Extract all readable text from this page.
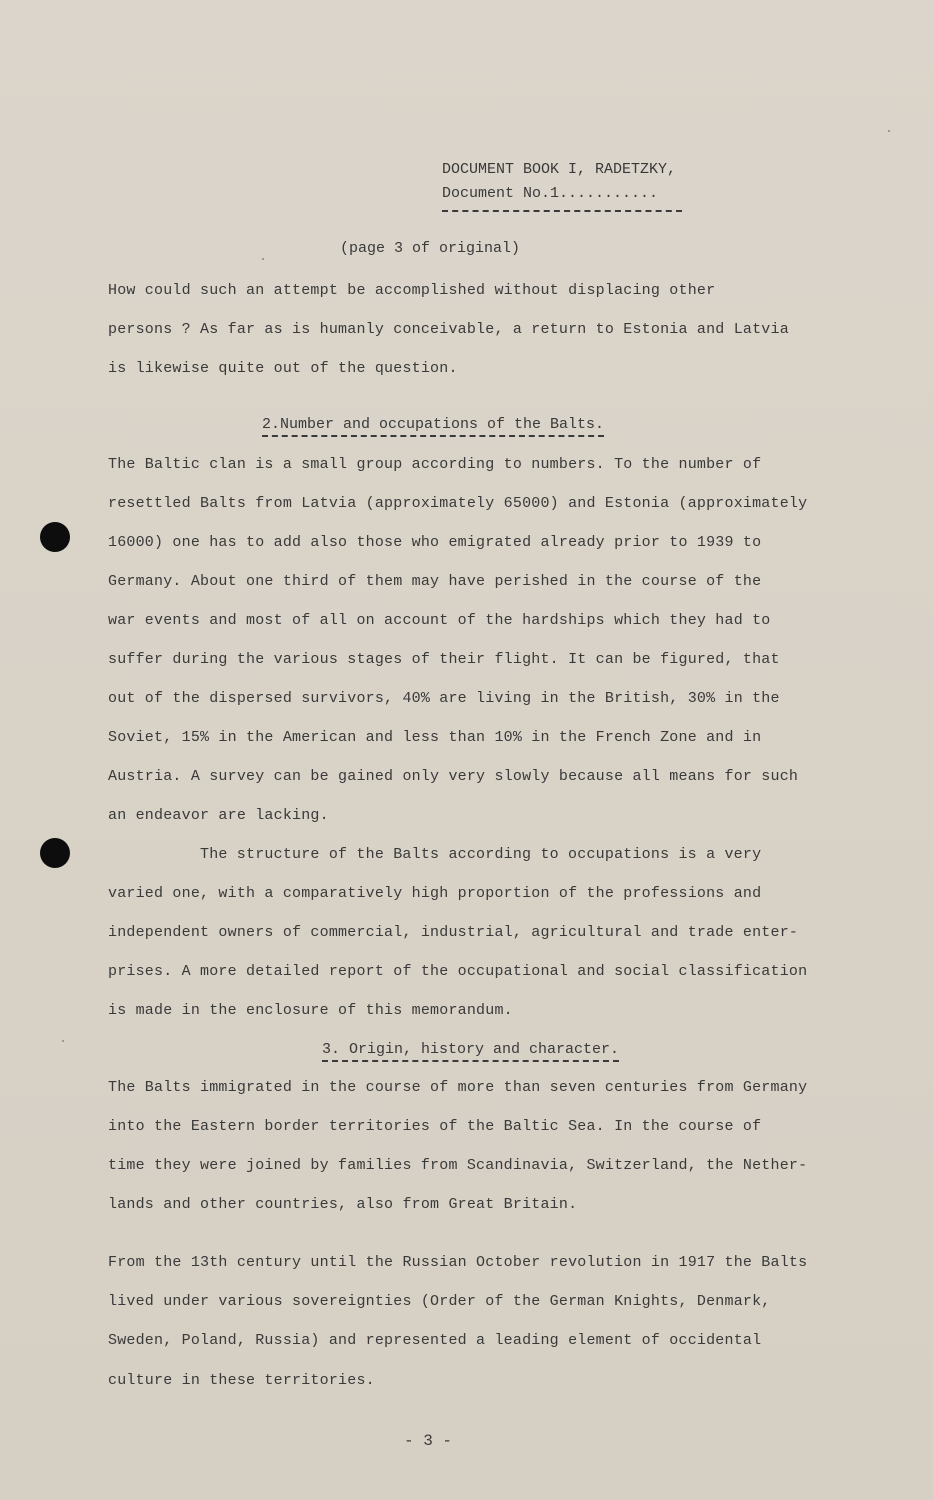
DOCUMENT BOOK I, RADETZKY,
Document No.1...........
(page 3 of original)
How could such an attempt be accomplished without displacing other
persons ? As far as is humanly conceivable, a return to Estonia and Latvia
is likewise quite out of the question.
2.Number and occupations of the Balts.
The Baltic clan is a small group according to numbers. To the number of
resettled Balts from Latvia (approximately 65000) and Estonia (approximately
16000) one has to add also those who emigrated already prior to 1939 to
Germany. About one third of them may have perished in the course of the
war events and most of all on account of the hardships which they had to
suffer during the various stages of their flight. It can be figured, that
out of the dispersed survivors, 40% are living in the British, 30% in the
Soviet, 15% in the American and less than 10% in the French Zone and in
Austria. A survey can be gained only very slowly because all means for such
an endeavor are lacking.
The structure of the Balts according to occupations is a very
varied one, with a comparatively high proportion of the professions and
independent owners of commercial, industrial, agricultural and trade enter-
prises. A more detailed report of the occupational and social classification
is made in the enclosure of this memorandum.
3. Origin, history and character.
The Balts immigrated in the course of more than seven centuries from Germany
into the Eastern border territories of the Baltic Sea. In the course of
time they were joined by families from Scandinavia, Switzerland, the Nether-
lands and other countries, also from Great Britain.
From the 13th century until the Russian October revolution in 1917 the Balts
lived under various sovereignties (Order of the German Knights, Denmark,
Sweden, Poland, Russia) and represented a leading element of occidental
culture in these territories.
- 3 -
